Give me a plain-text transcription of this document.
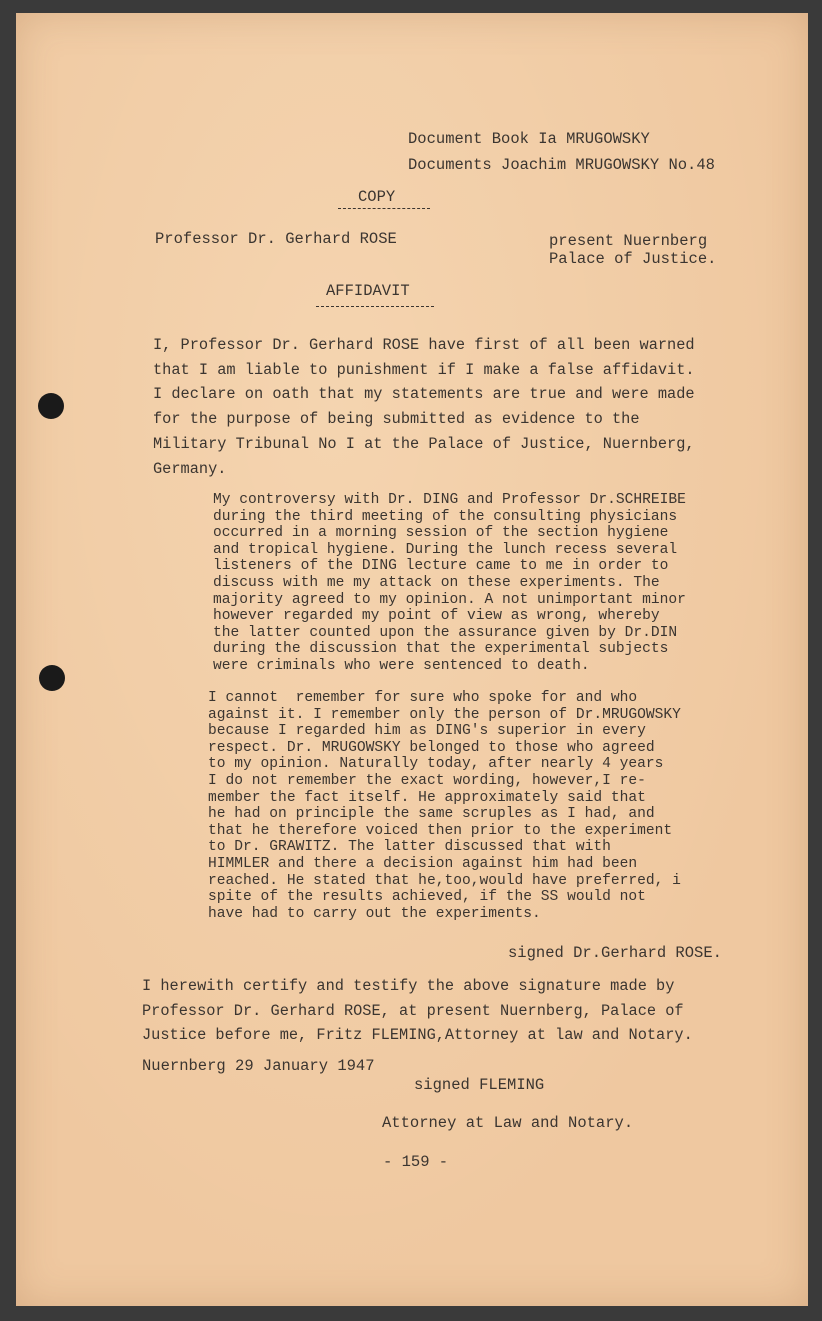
Document Book Ia MRUGOWSKY
Documents Joachim MRUGOWSKY No.48
COPY
Professor Dr. Gerhard ROSE	present Nuernberg
Palace of Justice.
AFFIDAVIT
I, Professor Dr. Gerhard ROSE have first of all been warned
that I am liable to punishment if I make a false affidavit.
I declare on oath that my statements are true and were made
for the purpose of being submitted as evidence to the
Military Tribunal No I at the Palace of Justice, Nuernberg,
Germany.
My controversy with Dr. DING and Professor Dr.SCHREIBE
during the third meeting of the consulting physicians
occurred in a morning session of the section hygiene
and tropical hygiene. During the lunch recess several
listeners of the DING lecture came to me in order to
discuss with me my attack on these experiments. The
majority agreed to my opinion. A not unimportant minor
however regarded my point of view as wrong, whereby
the latter counted upon the assurance given by Dr.DIN
during the discussion that the experimental subjects
were criminals who were sentenced to death.
I cannot  remember for sure who spoke for and who
against it. I remember only the person of Dr.MRUGOWSKY
because I regarded him as DING's superior in every
respect. Dr. MRUGOWSKY belonged to those who agreed
to my opinion. Naturally today, after nearly 4 years
I do not remember the exact wording, however,I re-
member the fact itself. He approximately said that
he had on principle the same scruples as I had, and
that he therefore voiced then prior to the experiment
to Dr. GRAWITZ. The latter discussed that with
HIMMLER and there a decision against him had been
reached. He stated that he,too,would have preferred, i
spite of the results achieved, if the SS would not
have had to carry out the experiments.
signed Dr.Gerhard ROSE.
I herewith certify and testify the above signature made by
Professor Dr. Gerhard ROSE, at present Nuernberg, Palace of
Justice before me, Fritz FLEMING,Attorney at law and Notary.
Nuernberg 29 January 1947
signed FLEMING
Attorney at Law and Notary.
- 159 -
